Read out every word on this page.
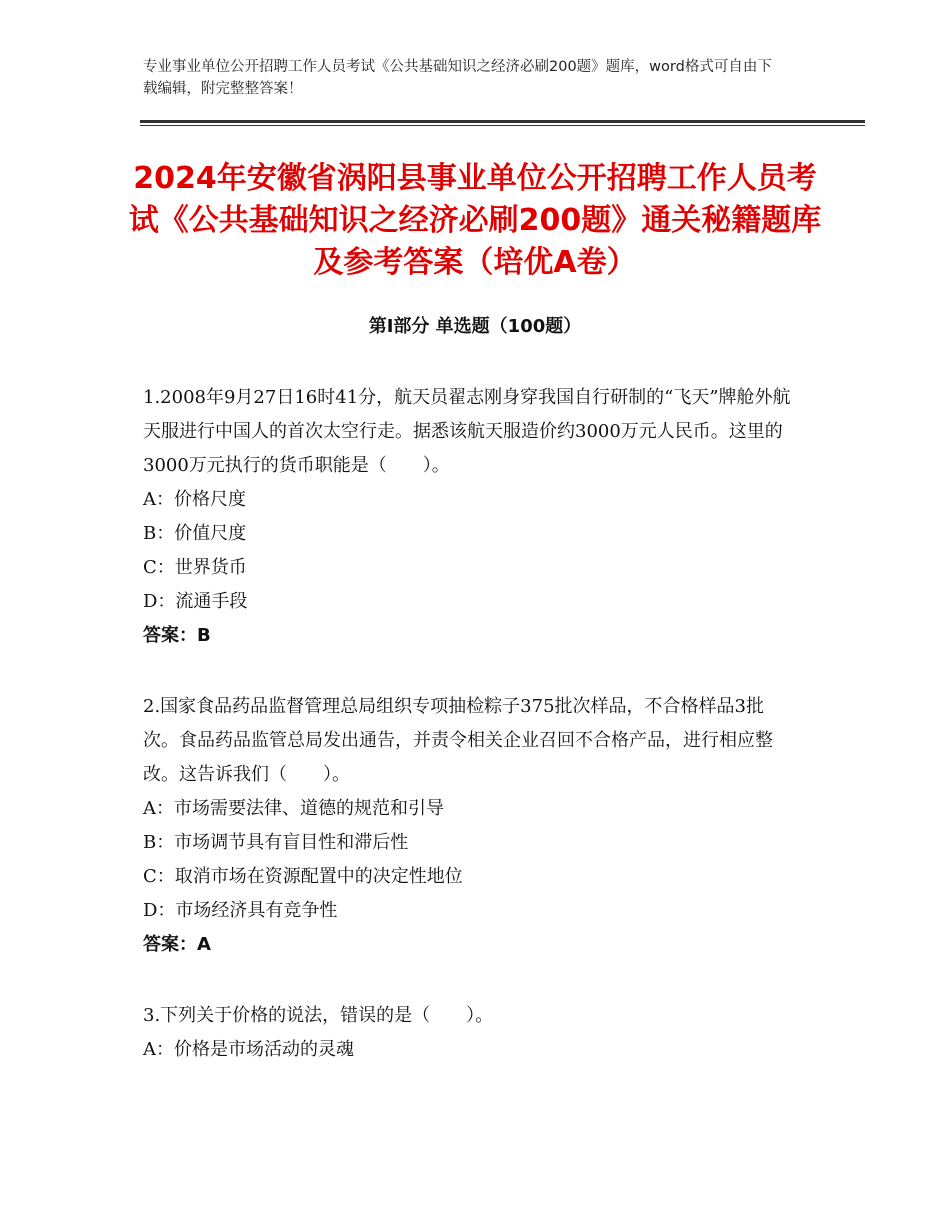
专业事业单位公开招聘工作人员考试《公共基础知识之经济必刷200题》题库，word格式可自由下载编辑，附完整整答案！
2024年安徽省涡阳县事业单位公开招聘工作人员考试《公共基础知识之经济必刷200题》通关秘籍题库及参考答案（培优A卷）
第Ⅰ部分 单选题（100题）

1.2008年9月27日16时41分，航天员翟志刚身穿我国自行研制的“飞天”牌舱外航天服进行中国人的首次太空行走。据悉该航天服造价约3000万元人民币。这里的3000万元执行的货币职能是（　　）。

A：价格尺度

B：价值尺度

C：世界货币

D：流通手段

答案：B

2.国家食品药品监督管理总局组织专项抽检粽子375批次样品，不合格样品3批次。食品药品监管总局发出通告，并责令相关企业召回不合格产品，进行相应整改。这告诉我们（　　）。

A：市场需要法律、道德的规范和引导

B：市场调节具有盲目性和滞后性

C：取消市场在资源配置中的决定性地位

D：市场经济具有竞争性

答案：A

3.下列关于价格的说法，错误的是（　　）。

A：价格是市场活动的灵魂
